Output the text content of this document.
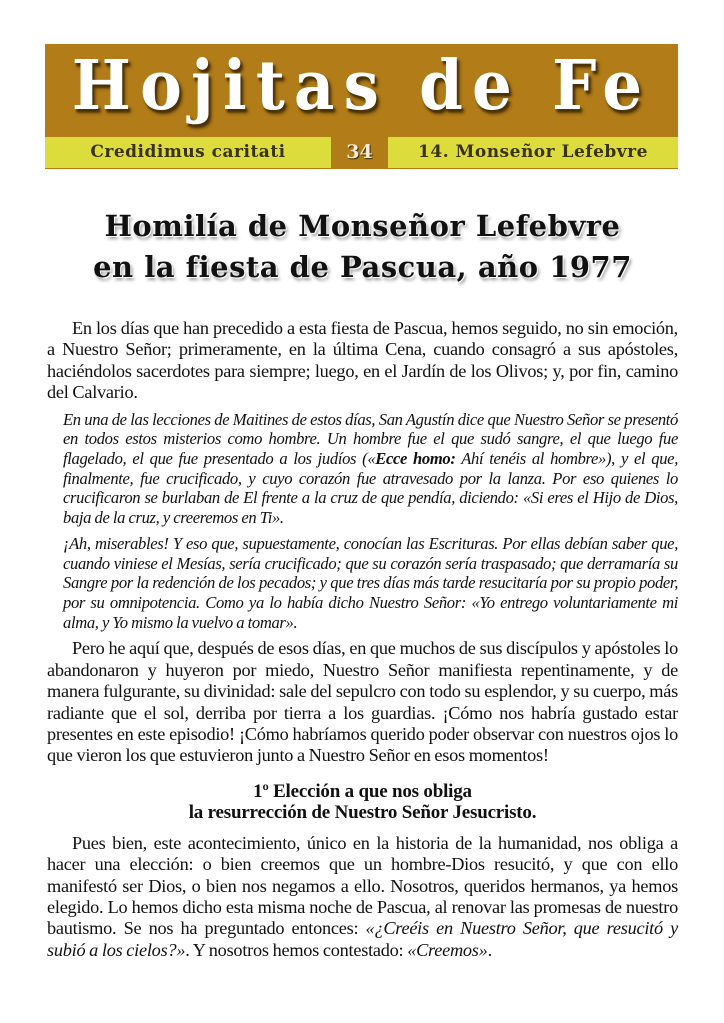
Hojitas de Fe
Credidimus caritati	34	14. Monseñor Lefebvre
Homilía de Monseñor Lefebvre
en la fiesta de Pascua, año 1977

En los días que han precedido a esta fiesta de Pascua, hemos seguido, no sin emoción, a Nuestro Señor; primeramente, en la última Cena, cuando consagró a sus apóstoles, haciéndolos sacerdotes para siempre; luego, en el Jardín de los Olivos; y, por fin, camino del Calvario.

En una de las lecciones de Maitines de estos días, San Agustín dice que Nuestro Señor se presentó en todos estos misterios como hombre. Un hombre fue el que sudó sangre, el que luego fue flagelado, el que fue presentado a los judíos («Ecce homo: Ahí tenéis al hombre»), y el que, finalmente, fue crucificado, y cuyo corazón fue atravesado por la lanza. Por eso quienes lo crucificaron se burlaban de El frente a la cruz de que pendía, diciendo: «Si eres el Hijo de Dios, baja de la cruz, y creeremos en Ti».

¡Ah, miserables! Y eso que, supuestamente, conocían las Escrituras. Por ellas debían saber que, cuando viniese el Mesías, sería crucificado; que su corazón sería traspasado; que derramaría su Sangre por la redención de los pecados; y que tres días más tarde resucitaría por su propio poder, por su omnipotencia. Como ya lo había dicho Nuestro Señor: «Yo entrego voluntariamente mi alma, y Yo mismo la vuelvo a tomar».

Pero he aquí que, después de esos días, en que muchos de sus discípulos y apóstoles lo abandonaron y huyeron por miedo, Nuestro Señor manifiesta repentinamente, y de manera fulgurante, su divinidad: sale del sepulcro con todo su esplendor, y su cuerpo, más radiante que el sol, derriba por tierra a los guardias. ¡Cómo nos habría gustado estar presentes en este episodio! ¡Cómo habríamos querido poder observar con nuestros ojos lo que vieron los que estuvieron junto a Nuestro Señor en esos momentos!

1º Elección a que nos obliga
la resurrección de Nuestro Señor Jesucristo.

Pues bien, este acontecimiento, único en la historia de la humanidad, nos obliga a hacer una elección: o bien creemos que un hombre-Dios resucitó, y que con ello manifestó ser Dios, o bien nos negamos a ello. Nosotros, queridos hermanos, ya hemos elegido. Lo hemos dicho esta misma noche de Pascua, al renovar las promesas de nuestro bautismo. Se nos ha preguntado entonces: «¿Creéis en Nuestro Señor, que resucitó y subió a los cielos?». Y nosotros hemos contestado: «Creemos».
